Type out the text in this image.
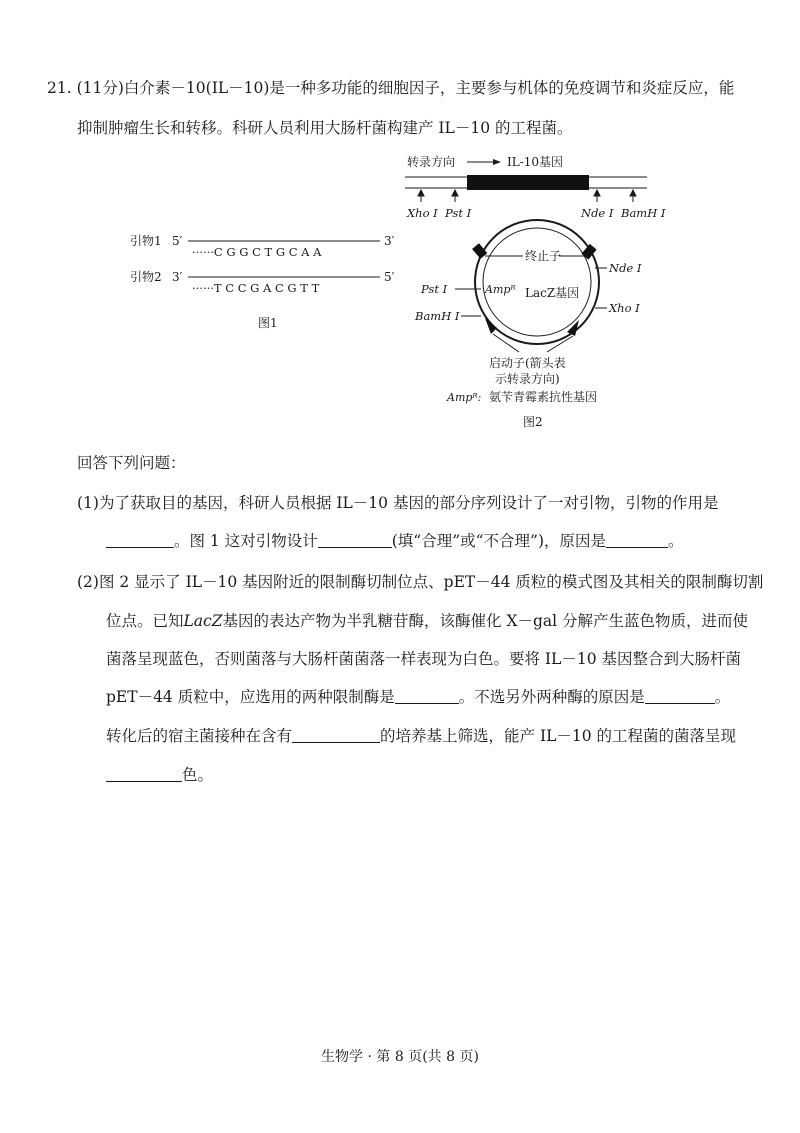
21. (11分)白介素－10(IL－10)是一种多功能的细胞因子，主要参与机体的免疫调节和炎症反应，能
抑制肿瘤生长和转移。科研人员利用大肠杆菌构建产 IL－10 的工程菌。
引物1 5′
······C G G C T G C A A
3′
引物2 3′
······T C C G A C G T T
5′
图1
转录方向	IL-10基因
Xho I Pst I	Nde I BamH I
终止子
Ampᴿ LacZ基因
Pst I
BamH I
Nde I
Xho I
启动子(箭头表
示转录方向)
Ampᴿ: 氨苄青霉素抗性基因
图2
回答下列问题：
(1)为了获取目的基因，科研人员根据 IL－10 基因的部分序列设计了一对引物，引物的作用是
。图 1 这对引物设计	(填“合理”或“不合理”)，原因是	。
(2)图 2 显示了 IL－10 基因附近的限制酶切制位点、pET－44 质粒的模式图及其相关的限制酶切割
位点。已知LacZ基因的表达产物为半乳糖苷酶，该酶催化 X－gal 分解产生蓝色物质，进而使
菌落呈现蓝色，否则菌落与大肠杆菌菌落一样表现为白色。要将 IL－10 基因整合到大肠杆菌
pET－44 质粒中，应选用的两种限制酶是	。不选另外两种酶的原因是	。
转化后的宿主菌接种在含有	的培养基上筛选，能产 IL－10 的工程菌的菌落呈现
色。
生物学 · 第 8 页(共 8 页)
